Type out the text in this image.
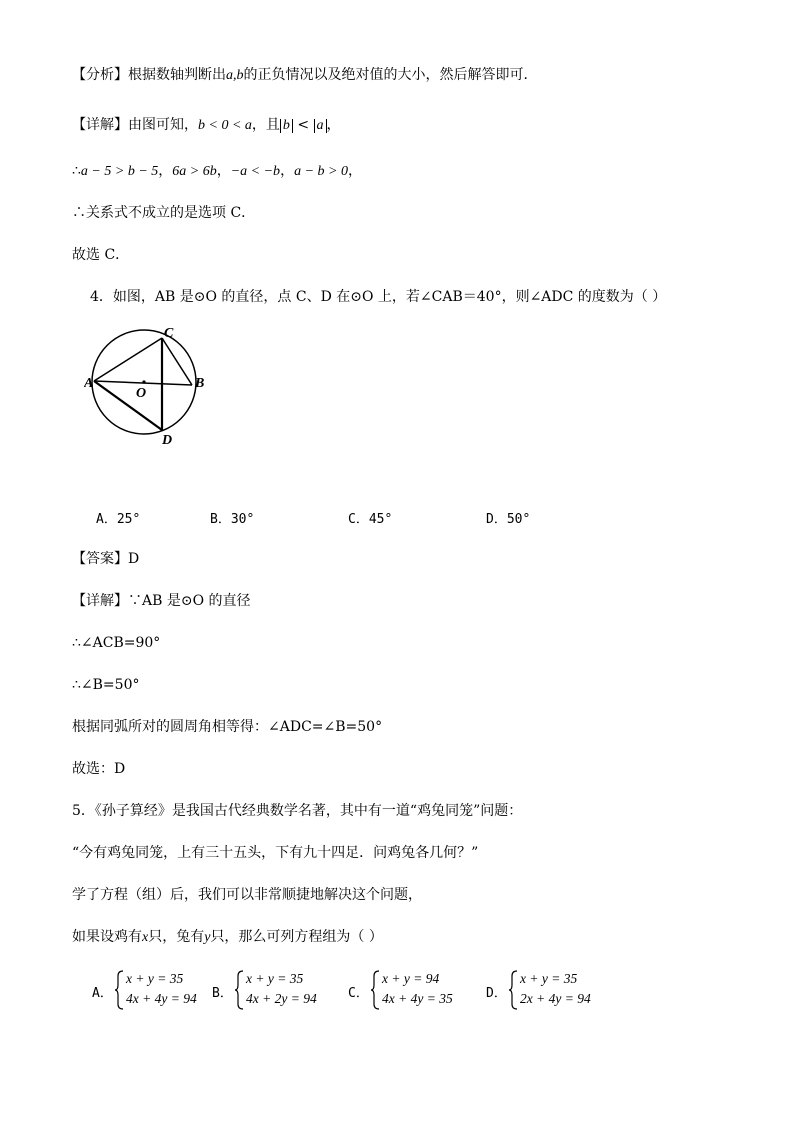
【分析】根据数轴判断出a,b的正负情况以及绝对值的大小，然后解答即可．
【详解】由图可知，b < 0 < a，且 b < a ，
∴a − 5 > b − 5，6a > 6b，−a < −b，a − b > 0，
∴关系式不成立的是选项 C．
故选 C．
4．如图，AB 是⊙O 的直径，点 C、D 在⊙O 上，若∠CAB＝40°，则∠ADC 的度数为（ ）
A	B
C
D
O
A．25°	B．30°	C．45°	D．50°
【答案】D
【详解】∵AB 是⊙O 的直径
∴∠ACB=90°
∴∠B=50°
根据同弧所对的圆周角相等得：∠ADC=∠B=50°
故选：D
5．《孙子算经》是我国古代经典数学名著，其中有一道“鸡兔同笼”问题：
“今有鸡兔同笼，上有三十五头，下有九十四足．问鸡兔各几何？”
学了方程（组）后，我们可以非常顺捷地解决这个问题，
如果设鸡有x只，兔有y只，那么可列方程组为（ ）
A．
x + y = 35
4x + 4y = 94 B．
x + y = 35
4x + 2y = 94 C．
x + y = 94
4x + 4y = 35	D．
x + y = 35
2x + 4y = 94
